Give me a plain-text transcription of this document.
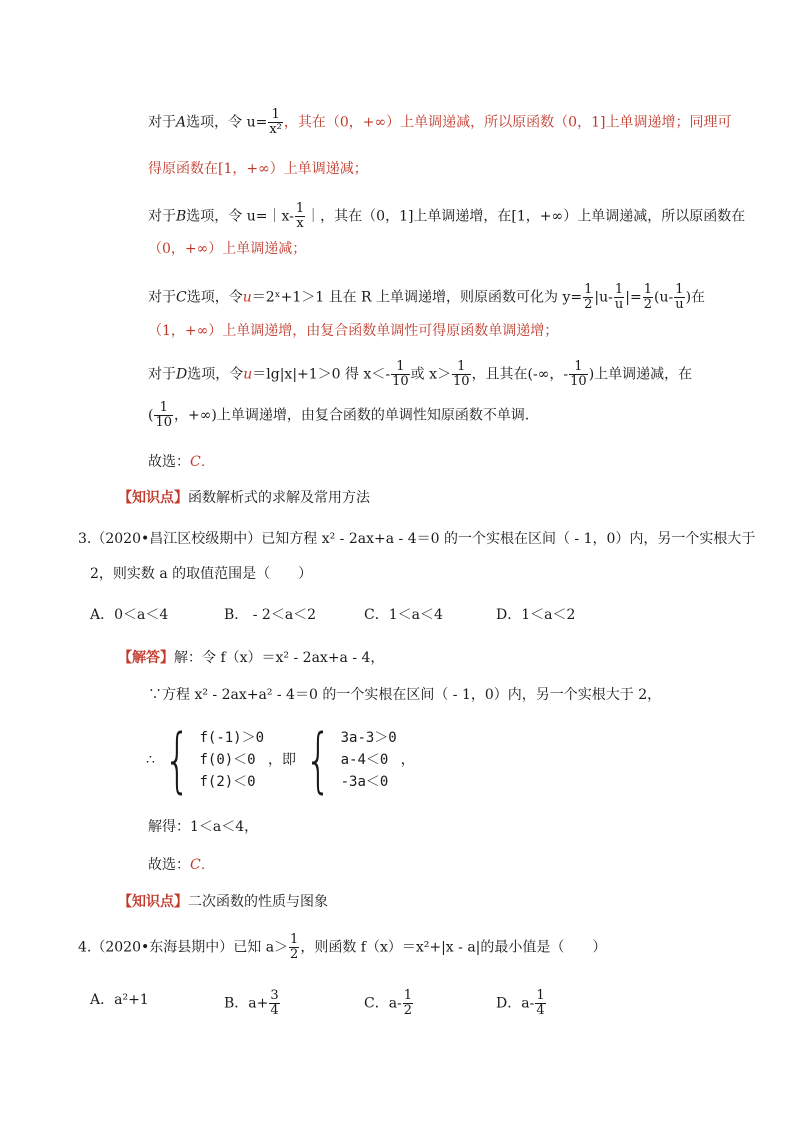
对于A选项，令 $u= \frac{1}{\text{x²}}$ ，其在（0，+∞）上单调递减，所以原函数（0，1]上单调递增；同理可
得原函数在[1，+∞）上单调递减；
对于B选项，令 u=｜x- $\frac{1}{x}$ ｜，其在（0，1]上单调递增，在[1，+∞）上单调递减，所以原函数在
（0，+∞）上单调递减；
对于C选项，令u＝2ˣ+1＞1 且在 R 上单调递增，则原函数可化为 $y= \frac{1}{2} |u- \frac{1}{u}$ |= $\frac{1}{2} (u- \frac{1}{u}$ )在
（1，+∞）上单调递增，由复合函数单调性可得原函数单调递增；
对于D选项，令u＝lg|x|+1＞0 得 $x<- \frac{1}{10}$ 或 $x> \frac{1}{10}$ ，且其在(-∞，- $\frac{1}{10}$ )上单调递减，在
( $\frac{1}{10}$ ，+∞)上单调递增，由复合函数的单调性知原函数不单调．
故选：C．
【知识点】函数解析式的求解及常用方法
3.（2020•昌江区校级期中）已知方程 x² - 2ax+a - 4＝0 的一个实根在区间（ - 1，0）内，另一个实根大于
2，则实数 a 的取值范围是（　　）
A．0＜a＜4	B． - 2＜a＜2	C．1＜a＜4	D．1＜a＜2
【解答】解：令 f（x）＝x² - 2ax+a - 4，
∵方程 x² - 2ax+a² - 4＝0 的一个实根在区间（ - 1，0）内，另一个实根大于 2，
∴ { f(-1)＞0
f(0)＜0
f(2)＜0
，即 { 3a-3＞0
a-4＜0
-3a＜0
，
解得：1＜a＜4，
故选：C．
【知识点】二次函数的性质与图象
4.（2020•东海县期中）已知 $a> \frac{1}{2}$ ，则函数 f（x）＝x²+|x - a|的最小值是（　　）
A．a²+1	B．$a+ \frac{3}{4}$	C．$a- \frac{1}{2}$	D．$a- \frac{1}{4}$
